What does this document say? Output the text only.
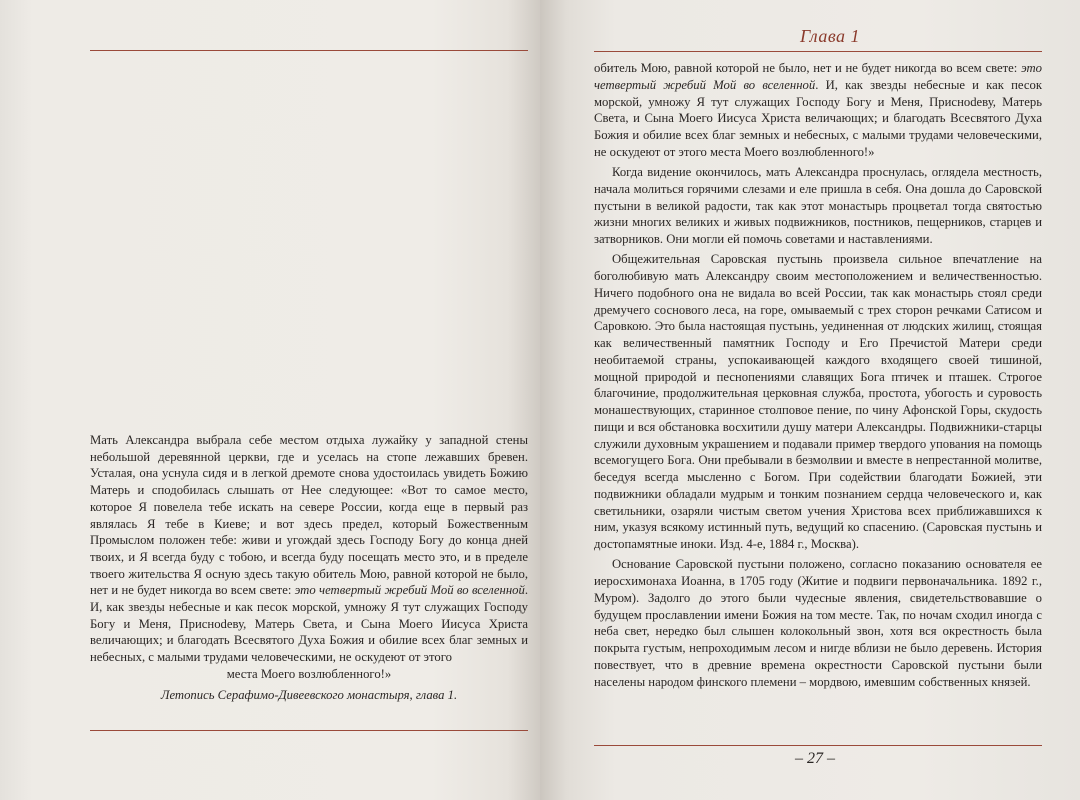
Мать Александра выбрала себе местом отдыха лужайку у западной стены небольшой деревянной церкви, где и уселась на стопе лежавших бревен. Усталая, она уснула сидя и в легкой дремоте снова удостоилась увидеть Божию Матерь и сподобилась слышать от Нее следующее: «Вот то самое место, которое Я повелела тебе искать на севере России, когда еще в первый раз являлась Я тебе в Киеве; и вот здесь предел, который Божественным Промыслом положен тебе: живи и угождай здесь Господу Богу до конца дней твоих, и Я всегда буду с тобою, и всегда буду посещать место это, и в пределе твоего жительства Я осную здесь такую обитель Мою, равной которой не было, нет и не будет никогда во всем свете: это четвертый жребий Мой во вселенной. И, как звезды небесные и как песок морской, умножу Я тут служащих Господу Богу и Меня, Присноdеву, Матерь Света, и Сына Моего Иисуса Христа величающих; и благодать Всесвятого Духа Божия и обилие всех благ земных и небесных, с малыми трудами человеческими, не оскудеют от этого
места Моего возлюбленного!»
Летопись Серафимо-Дивеевского монастыря, глава 1.
Глава 1

обитель Мою, равной которой не было, нет и не будет никогда во всем свете: это четвертый жребий Мой во вселенной. И, как звезды небесные и как песок морской, умножу Я тут служащих Господу Богу и Меня, Присноdеву, Матерь Света, и Сына Моего Иисуса Христа величающих; и благодать Всесвятого Духа Божия и обилие всех благ земных и небесных, с малыми трудами человеческими, не оскудеют от этого места Моего возлюбленного!»

Когда видение окончилось, мать Александра проснулась, оглядела местность, начала молиться горячими слезами и еле пришла в себя. Она дошла до Саровской пустыни в великой радости, так как этот монастырь процветал тогда святостью жизни многих великих и живых подвижников, постников, пещерников, старцев и затворников. Они могли ей помочь советами и наставлениями.

Общежительная Саровская пустынь произвела сильное впечатление на боголюбивую мать Александру своим местоположением и величественностью. Ничего подобного она не видала во всей России, так как монастырь стоял среди дремучего соснового леса, на горе, омываемый с трех сторон речками Сатисом и Саровкою. Это была настоящая пустынь, уединенная от людских жилищ, стоящая как величественный памятник Господу и Его Пречистой Матери среди необитаемой страны, успокаивающей каждого входящего своей тишиной, мощной природой и песнопениями славящих Бога птичек и пташек. Строгое благочиние, продолжительная церковная служба, простота, убогость и суровость монашествующих, старинное столповое пение, по чину Афонской Горы, скудость пищи и вся обстановка восхитили душу матери Александры. Подвижники-старцы служили духовным украшением и подавали пример твердого упования на помощь всемогущего Бога. Они пребывали в безмолвии и вместе в непрестанной молитве, беседуя всегда мысленно с Богом. При содействии благодати Божией, эти подвижники обладали мудрым и тонким познанием сердца человеческого и, как светильники, озаряли чистым светом учения Христова всех приближавшихся к ним, указуя всякому истинный путь, ведущий ко спасению. (Саровская пустынь и достопамятные иноки. Изд. 4-е, 1884 г., Москва).

Основание Саровской пустыни положено, согласно показанию основателя ее иеросхимонаха Иоанна, в 1705 году (Житие и подвиги первоначальника. 1892 г., Муром). Задолго до этого были чудесные явления, свидетельствовавшие о будущем прославлении имени Божия на том месте. Так, по ночам сходил иногда с неба свет, нередко был слышен колокольный звон, хотя вся окрестность была покрыта густым, непроходимым лесом и нигде вблизи не было деревень. История повествует, что в древние времена окрестности Саровской пустыни были населены народом финского племени – мордвою, имевшим собственных князей.

– 27 –
